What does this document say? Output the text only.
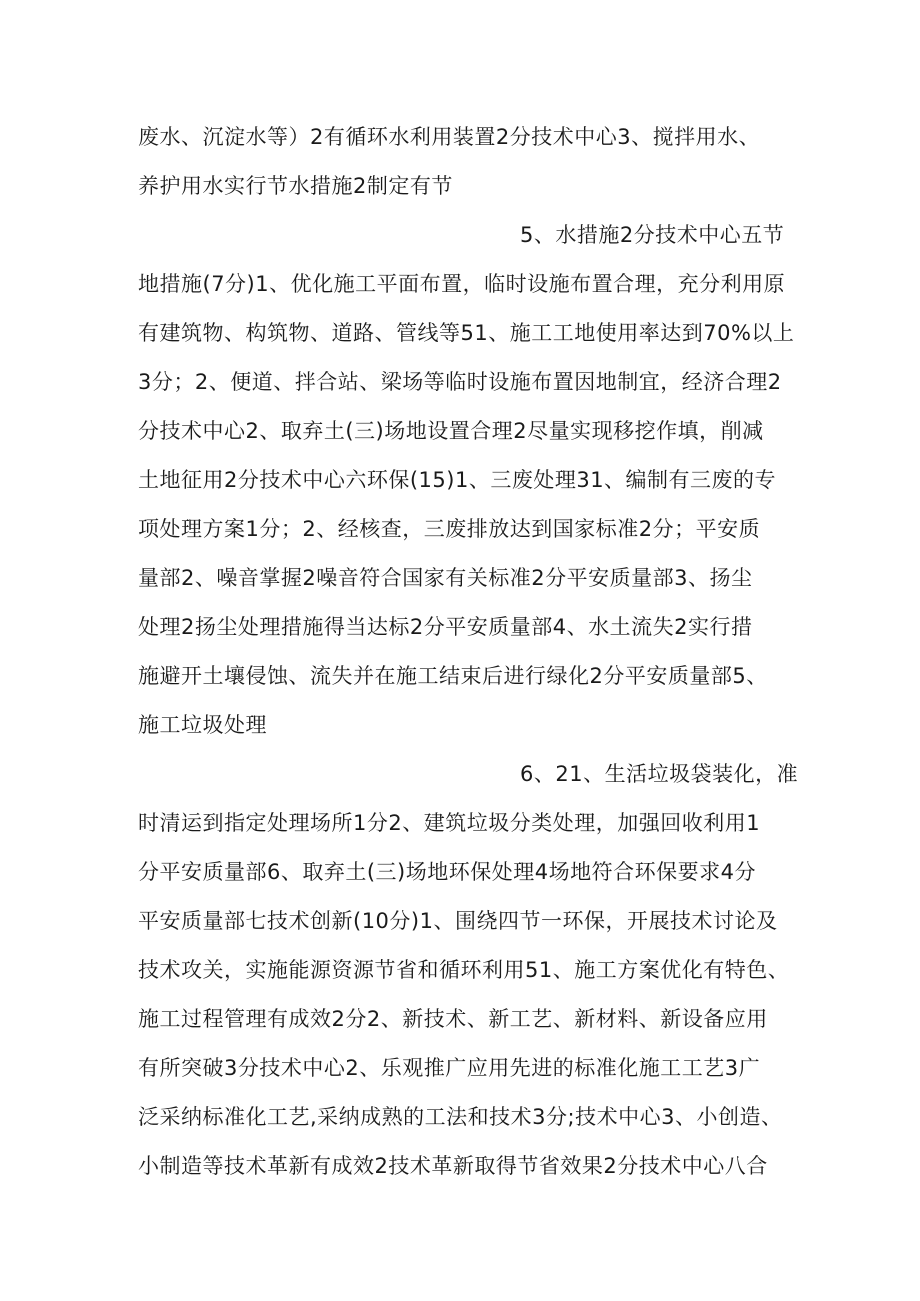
废水、沉淀水等）2有循环水利用装置2分技术中心3、搅拌用水、
养护用水实行节水措施2制定有节
5、水措施2分技术中心五节
地措施(7分)1、优化施工平面布置，临时设施布置合理，充分利用原
有建筑物、构筑物、道路、管线等51、施工工地使用率达到70%以上
3分；2、便道、拌合站、梁场等临时设施布置因地制宜，经济合理2
分技术中心2、取弃土(三)场地设置合理2尽量实现移挖作填，削减
土地征用2分技术中心六环保(15)1、三废处理31、编制有三废的专
项处理方案1分；2、经核查，三废排放达到国家标准2分；平安质
量部2、噪音掌握2噪音符合国家有关标准2分平安质量部3、扬尘
处理2扬尘处理措施得当达标2分平安质量部4、水土流失2实行措
施避开土壤侵蚀、流失并在施工结束后进行绿化2分平安质量部5、
施工垃圾处理
6、21、生活垃圾袋装化，准
时清运到指定处理场所1分2、建筑垃圾分类处理，加强回收利用1
分平安质量部6、取弃土(三)场地环保处理4场地符合环保要求4分
平安质量部七技术创新(10分)1、围绕四节一环保，开展技术讨论及
技术攻关，实施能源资源节省和循环利用51、施工方案优化有特色、
施工过程管理有成效2分2、新技术、新工艺、新材料、新设备应用
有所突破3分技术中心2、乐观推广应用先进的标准化施工工艺3广
泛采纳标准化工艺,采纳成熟的工法和技术3分;技术中心3、小创造、
小制造等技术革新有成效2技术革新取得节省效果2分技术中心八合
